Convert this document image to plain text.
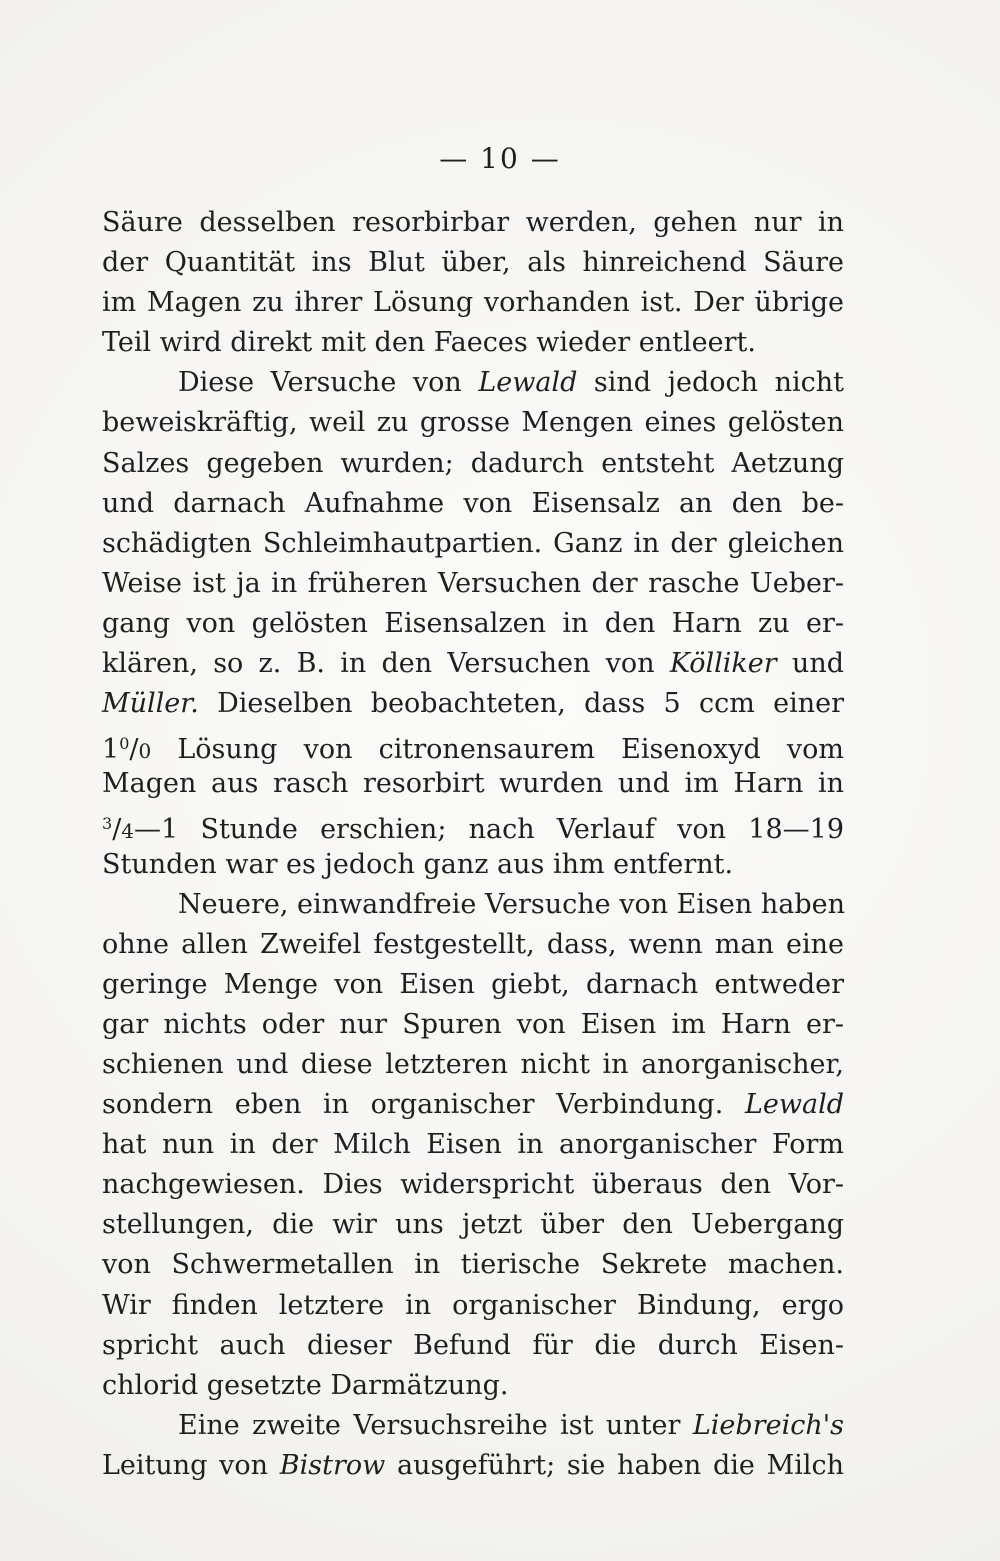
— 10 —
Säure desselben resorbirbar werden, gehen nur in
der Quantität ins Blut über, als hinreichend Säure
im Magen zu ihrer Lösung vorhanden ist. Der übrige
Teil wird direkt mit den Faeces wieder entleert.
Diese Versuche von Lewald sind jedoch nicht
beweiskräftig, weil zu grosse Mengen eines gelösten
Salzes gegeben wurden; dadurch entsteht Aetzung
und darnach Aufnahme von Eisensalz an den be-
schädigten Schleimhautpartien. Ganz in der gleichen
Weise ist ja in früheren Versuchen der rasche Ueber-
gang von gelösten Eisensalzen in den Harn zu er-
klären, so z. B. in den Versuchen von Kölliker und
Müller. Dieselben beobachteten, dass 5 ccm einer
$1^0/0$ Lösung von citronensaurem Eisenoxyd vom
Magen aus rasch resorbirt wurden und im Harn in
$^3$/4—1 Stunde erschien; nach Verlauf von 18—19
Stunden war es jedoch ganz aus ihm entfernt.
Neuere, einwandfreie Versuche von Eisen haben
ohne allen Zweifel festgestellt, dass, wenn man eine
geringe Menge von Eisen giebt, darnach entweder
gar nichts oder nur Spuren von Eisen im Harn er-
schienen und diese letzteren nicht in anorganischer,
sondern eben in organischer Verbindung. Lewald
hat nun in der Milch Eisen in anorganischer Form
nachgewiesen. Dies widerspricht überaus den Vor-
stellungen, die wir uns jetzt über den Uebergang
von Schwermetallen in tierische Sekrete machen.
Wir finden letztere in organischer Bindung, ergo
spricht auch dieser Befund für die durch Eisen-
chlorid gesetzte Darmätzung.
Eine zweite Versuchsreihe ist unter Liebreich's
Leitung von Bistrow ausgeführt; sie haben die Milch
